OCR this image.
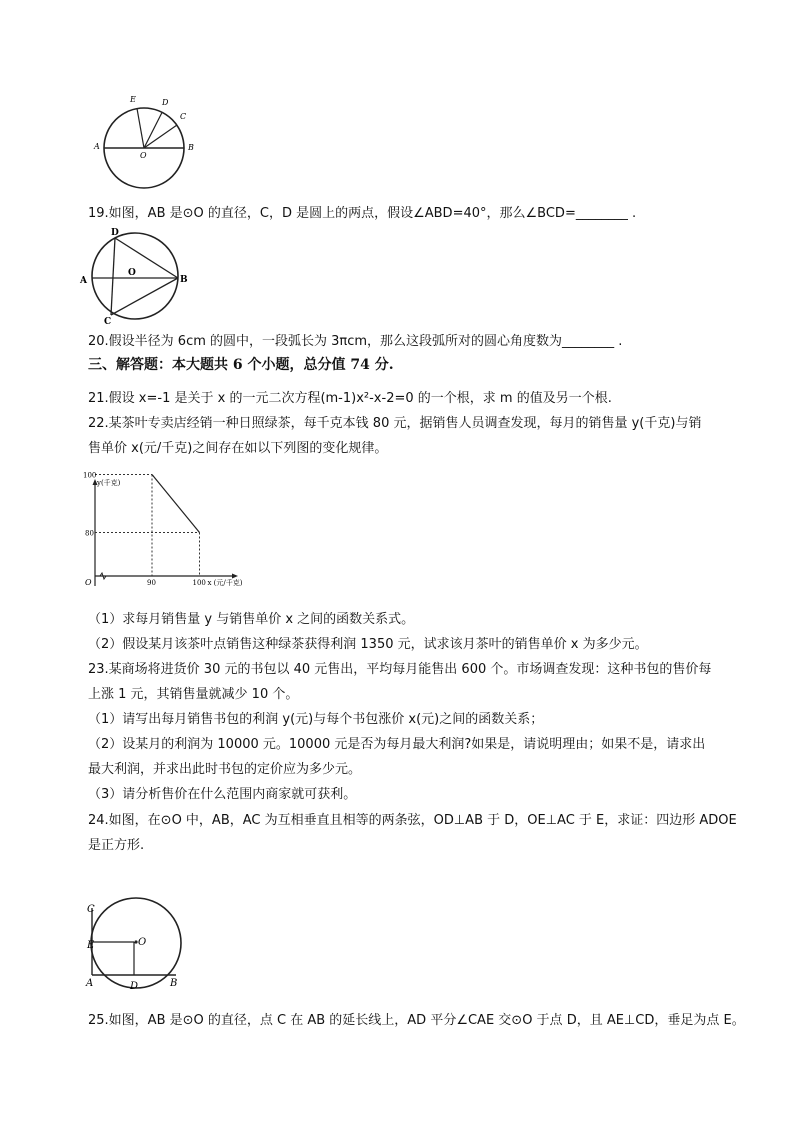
E	D
C
A
O
B
19.如图，AB 是⊙O 的直径，C，D 是圆上的两点，假设∠ABD=40°，那么∠BCD=________ .
D
A
O
B
C
20.假设半径为 6cm 的圆中，一段弧长为 3πcm，那么这段弧所对的圆心角度数为________ .
三、解答题：本大题共 6 个小题，总分值 74 分.
21.假设 x=-1 是关于 x 的一元二次方程(m-1)x²-x-2=0 的一个根，求 m 的值及另一个根.
22.某茶叶专卖店经销一种日照绿茶，每千克本钱 80 元，据销售人员调查发现，每月的销售量 y(千克)与销
售单价 x(元/千克)之间存在如以下列图的变化规律。
y(千克)
x (元/千克)
100
80
90	100
O
（1）求每月销售量 y 与销售单价 x 之间的函数关系式。
（2）假设某月该茶叶点销售这种绿茶获得利润 1350 元，试求该月茶叶的销售单价 x 为多少元。
23.某商场将进货价 30 元的书包以 40 元售出，平均每月能售出 600 个。市场调查发现：这种书包的售价每
上涨 1 元，其销售量就减少 10 个。
（1）请写出每月销售书包的利润 y(元)与每个书包涨价 x(元)之间的函数关系；
（2）设某月的利润为 10000 元。10000 元是否为每月最大利润?如果是，请说明理由；如果不是，请求出
最大利润，并求出此时书包的定价应为多少元。
（3）请分析售价在什么范围内商家就可获利。
24.如图，在⊙O 中，AB，AC 为互相垂直且相等的两条弦，OD⊥AB 于 D，OE⊥AC 于 E，求证：四边形 ADOE
是正方形.
C
E	O
A	D	B
25.如图，AB 是⊙O 的直径，点 C 在 AB 的延长线上，AD 平分∠CAE 交⊙O 于点 D，且 AE⊥CD，垂足为点 E。
